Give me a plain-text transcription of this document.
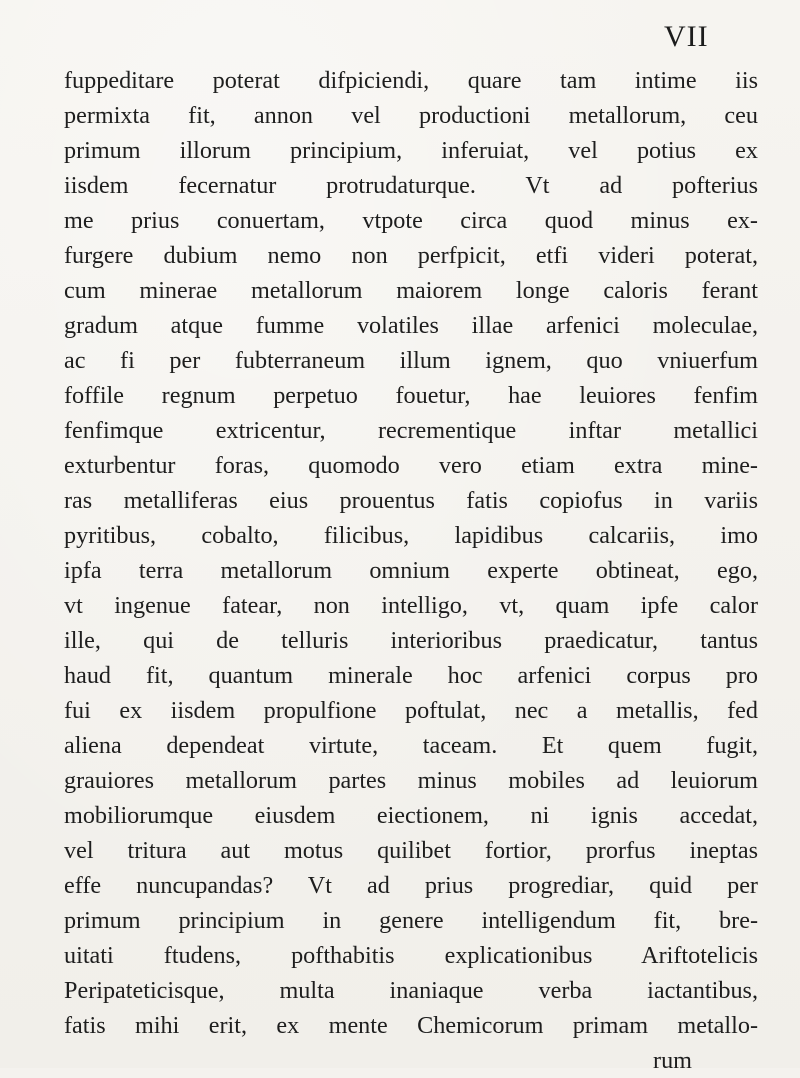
VII
fuppeditare poterat difpiciendi, quare tam intime iis
permixta fit, annon vel productioni metallorum, ceu
primum illorum principium, inferuiat, vel potius ex
iisdem fecernatur protrudaturque. Vt ad pofterius
me prius conuertam, vtpote circa quod minus ex-
furgere dubium nemo non perfpicit, etfi videri poterat,
cum minerae metallorum maiorem longe caloris ferant
gradum atque fumme volatiles illae arfenici moleculae,
ac fi per fubterraneum illum ignem, quo vniuerfum
foffile regnum perpetuo fouetur, hae leuiores fenfim
fenfimque extricentur, recrementique inftar metallici
exturbentur foras, quomodo vero etiam extra mine-
ras metalliferas eius prouentus fatis copiofus in variis
pyritibus, cobalto, filicibus, lapidibus calcariis, imo
ipfa terra metallorum omnium experte obtineat, ego,
vt ingenue fatear, non intelligo, vt, quam ipfe calor
ille, qui de telluris interioribus praedicatur, tantus
haud fit, quantum minerale hoc arfenici corpus pro
fui ex iisdem propulfione poftulat, nec a metallis, fed
aliena dependeat virtute, taceam. Et quem fugit,
grauiores metallorum partes minus mobiles ad leuiorum
mobiliorumque eiusdem eiectionem, ni ignis accedat,
vel tritura aut motus quilibet fortior, prorfus ineptas
effe nuncupandas? Vt ad prius progrediar, quid per
primum principium in genere intelligendum fit, bre-
uitati ftudens, pofthabitis explicationibus Ariftotelicis
Peripateticisque, multa inaniaque verba iactantibus,
fatis mihi erit, ex mente Chemicorum primam metallo-
rum
